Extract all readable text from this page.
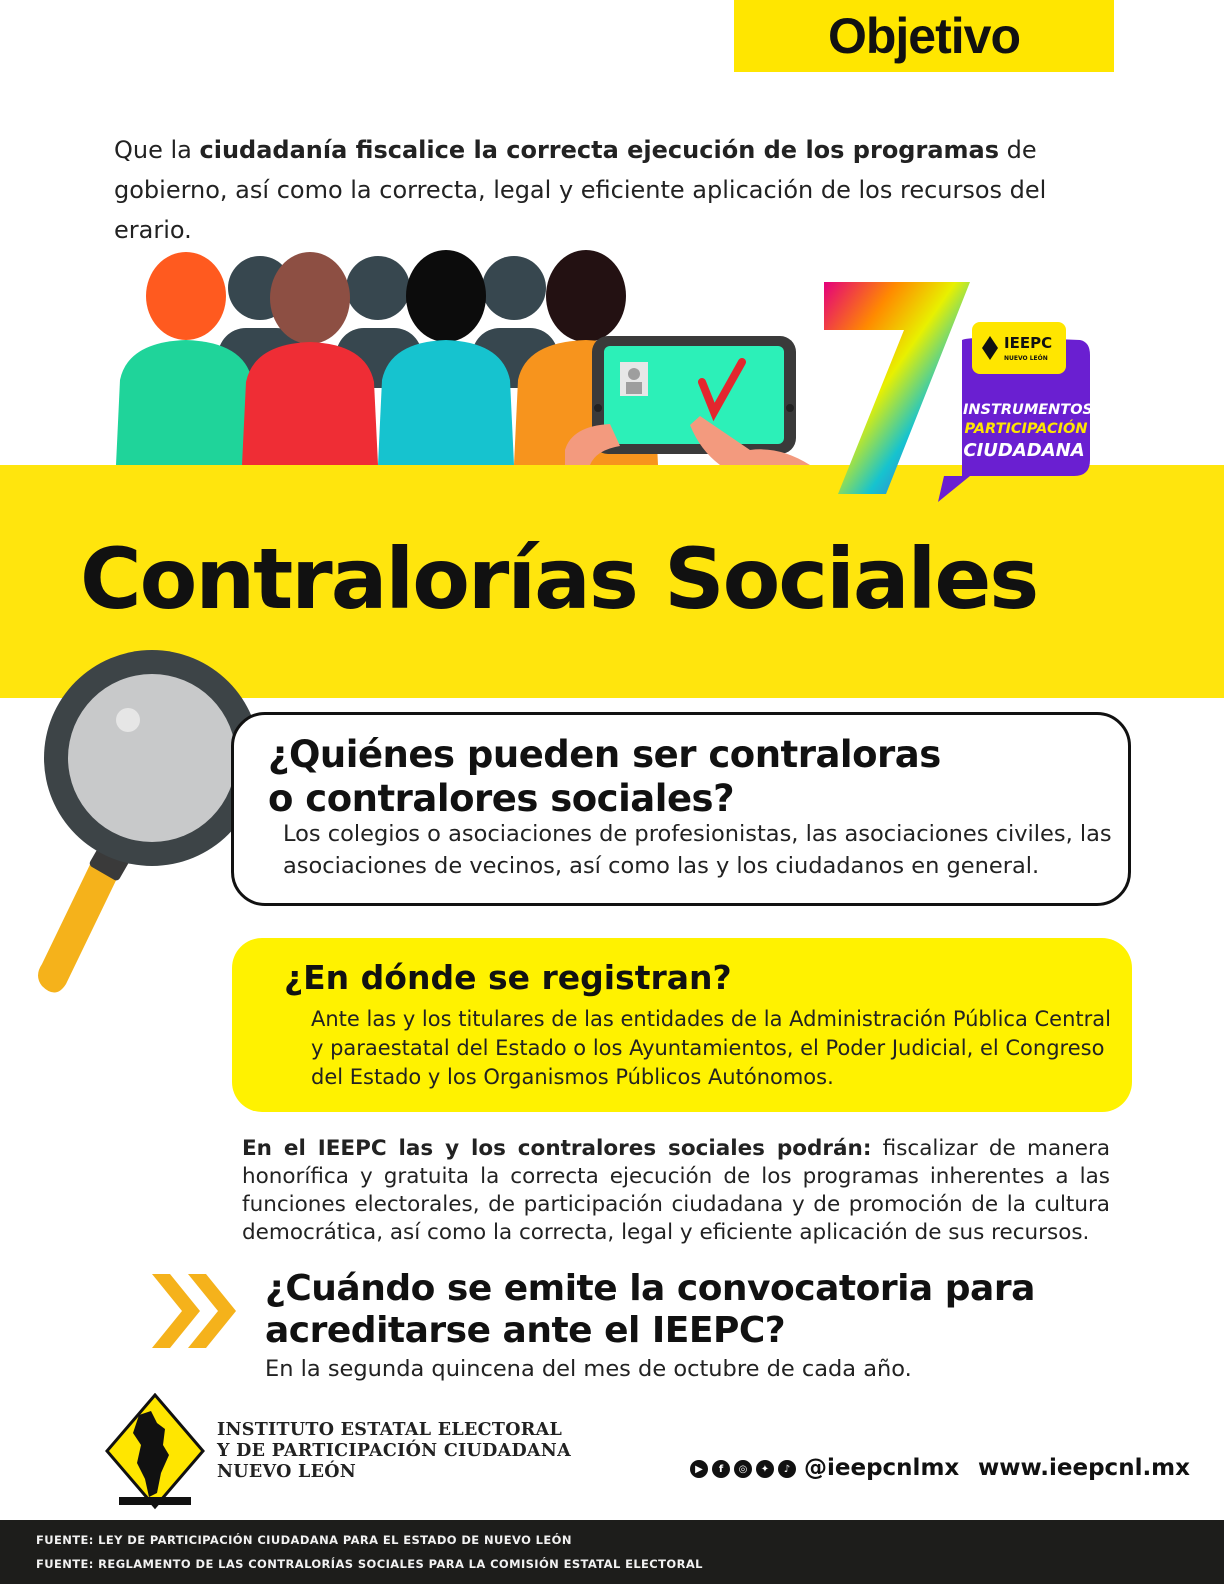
Objetivo

Que la ciudadanía fiscalice la correcta ejecución de los programas de gobierno, así como la correcta, legal y eficiente aplicación de los recursos del erario.

IEEPC
NUEVO LEÓN
INSTRUMENTOS
PARTICIPACIÓN
CIUDADANA
Contralorías Sociales
¿Quiénes pueden ser contraloras
o contralores sociales?

Los colegios o asociaciones de profesionistas, las asociaciones civiles, las asociaciones de vecinos, así como las y los ciudadanos en general.

¿En dónde se registran?

Ante las y los titulares de las entidades de la Administración Pública Central y paraestatal del Estado o los Ayuntamientos, el Poder Judicial, el Congreso del Estado y los Organismos Públicos Autónomos.

En el IEEPC las y los contralores sociales podrán: fiscalizar de manera honorífica y gratuita la correcta ejecución de los programas inherentes a las funciones electorales, de participación ciudadana y de promoción de la cultura democrática, así como la correcta, legal y eficiente aplicación de sus recursos.

¿Cuándo se emite la convocatoria para
acreditarse ante el IEEPC?

En la segunda quincena del mes de octubre de cada año.

INSTITUTO ESTATAL ELECTORAL
Y DE PARTICIPACIÓN CIUDADANA
NUEVO LEÓN	▶	f	◎	✦	♪ @ieepcnlmx www.ieepcnl.mx
FUENTE: LEY DE PARTICIPACIÓN CIUDADANA PARA EL ESTADO DE NUEVO LEÓN
FUENTE: REGLAMENTO DE LAS CONTRALORÍAS SOCIALES PARA LA COMISIÓN ESTATAL ELECTORAL
